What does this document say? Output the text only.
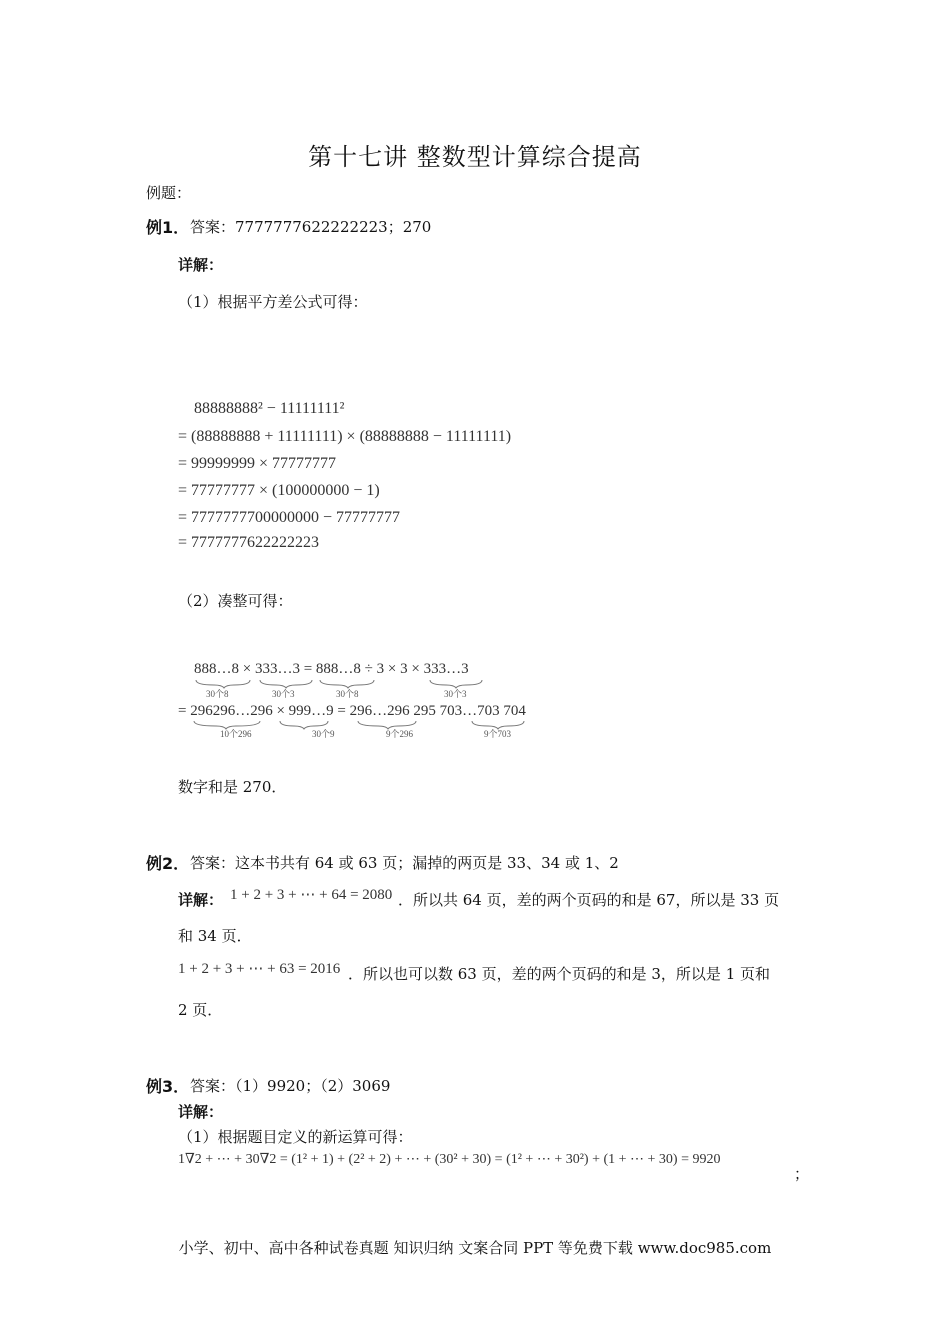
第十七讲 整数型计算综合提高
例题：
例1． 答案：7777777622222223；270
详解：
（1）根据平方差公式可得：
88888888² − 11111111²
= (88888888 + 11111111) × (88888888 − 11111111)
= 99999999 × 77777777
= 77777777 × (100000000 − 1)
= 7777777700000000 − 77777777
= 7777777622222223
（2）凑整可得：
888…8 × 333…3 = 888…8 ÷ 3 × 3 × 333…3
30个8	30个3	30个8	30个3
= 296296…296 × 999…9 = 296…296 295 703…703 704
10个296	30个9	9个296	9个703
数字和是 270．
例2． 答案：这本书共有 64 或 63 页；漏掉的两页是 33、34 或 1、2
详解： 1 + 2 + 3 + ⋯ + 64 = 2080 ．所以共 64 页，差的两个页码的和是 67，所以是 33 页
和 34 页．
1 + 2 + 3 + ⋯ + 63 = 2016 ．所以也可以数 63 页，差的两个页码的和是 3，所以是 1 页和
2 页．
例3． 答案：（1）9920；（2）3069
详解：
（1）根据题目定义的新运算可得：
1∇2 + ⋯ + 30∇2 = (1² + 1) + (2² + 2) + ⋯ + (30² + 30) = (1² + ⋯ + 30²) + (1 + ⋯ + 30) = 9920
；
小学、初中、高中各种试卷真题 知识归纳 文案合同 PPT 等免费下载 www.doc985.com
